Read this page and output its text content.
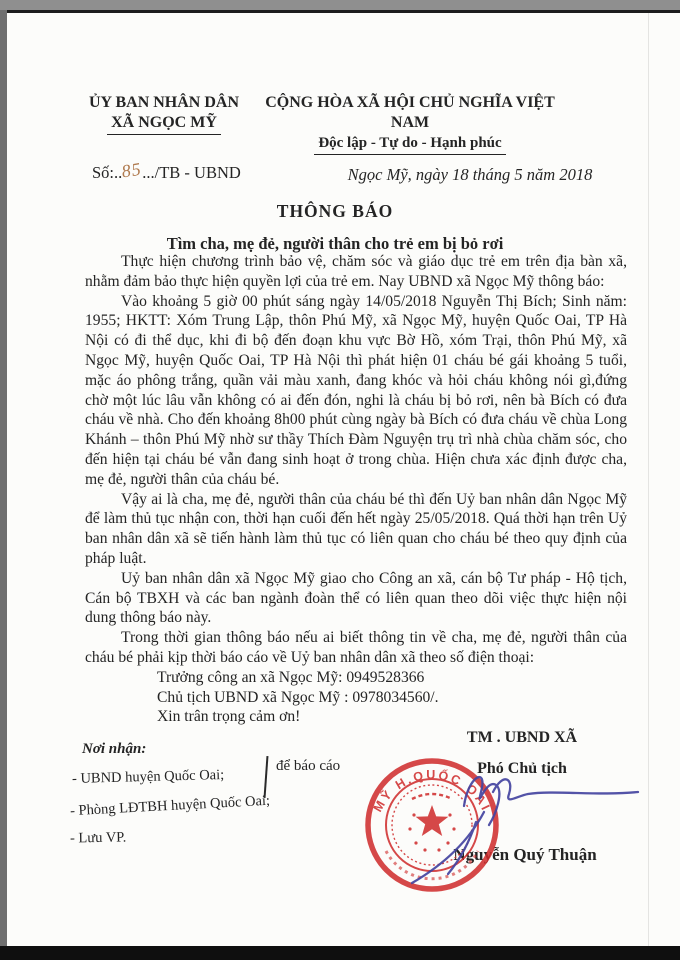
ỦY BAN NHÂN DÂN
XÃ NGỌC MỸ
CỘNG HÒA XÃ HỘI CHỦ NGHĨA VIỆT NAM
Độc lập - Tự do - Hạnh phúc
Số:..85.../TB - UBND	Ngọc Mỹ, ngày 18 tháng 5 năm 2018
THÔNG BÁO
Tìm cha, mẹ đẻ, người thân cho trẻ em bị bỏ rơi

Thực hiện chương trình bảo vệ, chăm sóc và giáo dục trẻ em trên địa bàn xã, nhằm đảm bảo thực hiện quyền lợi của trẻ em. Nay UBND xã Ngọc Mỹ thông báo:

Vào khoảng 5 giờ 00 phút sáng ngày 14/05/2018 Nguyễn Thị Bích; Sinh năm: 1955; HKTT: Xóm Trung Lập, thôn Phú Mỹ, xã Ngọc Mỹ, huyện Quốc Oai, TP Hà Nội có đi thể dục, khi đi bộ đến đoạn khu vực Bờ Hồ, xóm Trại, thôn Phú Mỹ, xã Ngọc Mỹ, huyện Quốc Oai, TP Hà Nội thì phát hiện 01 cháu bé gái khoảng 5 tuổi, mặc áo phông trắng, quần vải màu xanh, đang khóc và hỏi cháu không nói gì,đứng chờ một lúc lâu vẫn không có ai đến đón, nghi là cháu bị bỏ rơi, nên bà Bích có đưa cháu về nhà. Cho đến khoảng 8h00 phút cùng ngày bà Bích có đưa cháu về chùa Long Khánh – thôn Phú Mỹ nhờ sư thầy Thích Đàm Nguyện trụ trì nhà chùa chăm sóc, cho đến hiện tại cháu bé vẫn đang sinh hoạt ở trong chùa. Hiện chưa xác định được cha, mẹ đẻ, người thân của cháu bé.

Vậy ai là cha, mẹ đẻ, người thân của cháu bé thì đến Uỷ ban nhân dân Ngọc Mỹ để làm thủ tục nhận con, thời hạn cuối đến hết ngày 25/05/2018. Quá thời hạn trên Uỷ ban nhân dân xã sẽ tiến hành làm thủ tục có liên quan cho cháu bé theo quy định của pháp luật.

Uỷ ban nhân dân xã Ngọc Mỹ giao cho Công an xã, cán bộ Tư pháp - Hộ tịch, Cán bộ TBXH và các ban ngành đoàn thể có liên quan theo dõi việc thực hiện nội dung thông báo này.

Trong thời gian thông báo nếu ai biết thông tin về cha, mẹ đẻ, người thân của cháu bé phải kịp thời báo cáo về Uỷ ban nhân dân xã theo số điện thoại:

Trưởng công an xã Ngọc Mỹ: 0949528366

Chủ tịch UBND xã Ngọc Mỹ : 0978034560/.

Xin trân trọng cảm ơn!

Nơi nhận:
- UBND huyện Quốc Oai;
- Phòng LĐTBH huyện Quốc Oai;
- Lưu VP.
để báo cáo
TM . UBND XÃ
Phó Chủ tịch
Nguyễn Quý Thuận
MỸ H.QUỐC OAI
